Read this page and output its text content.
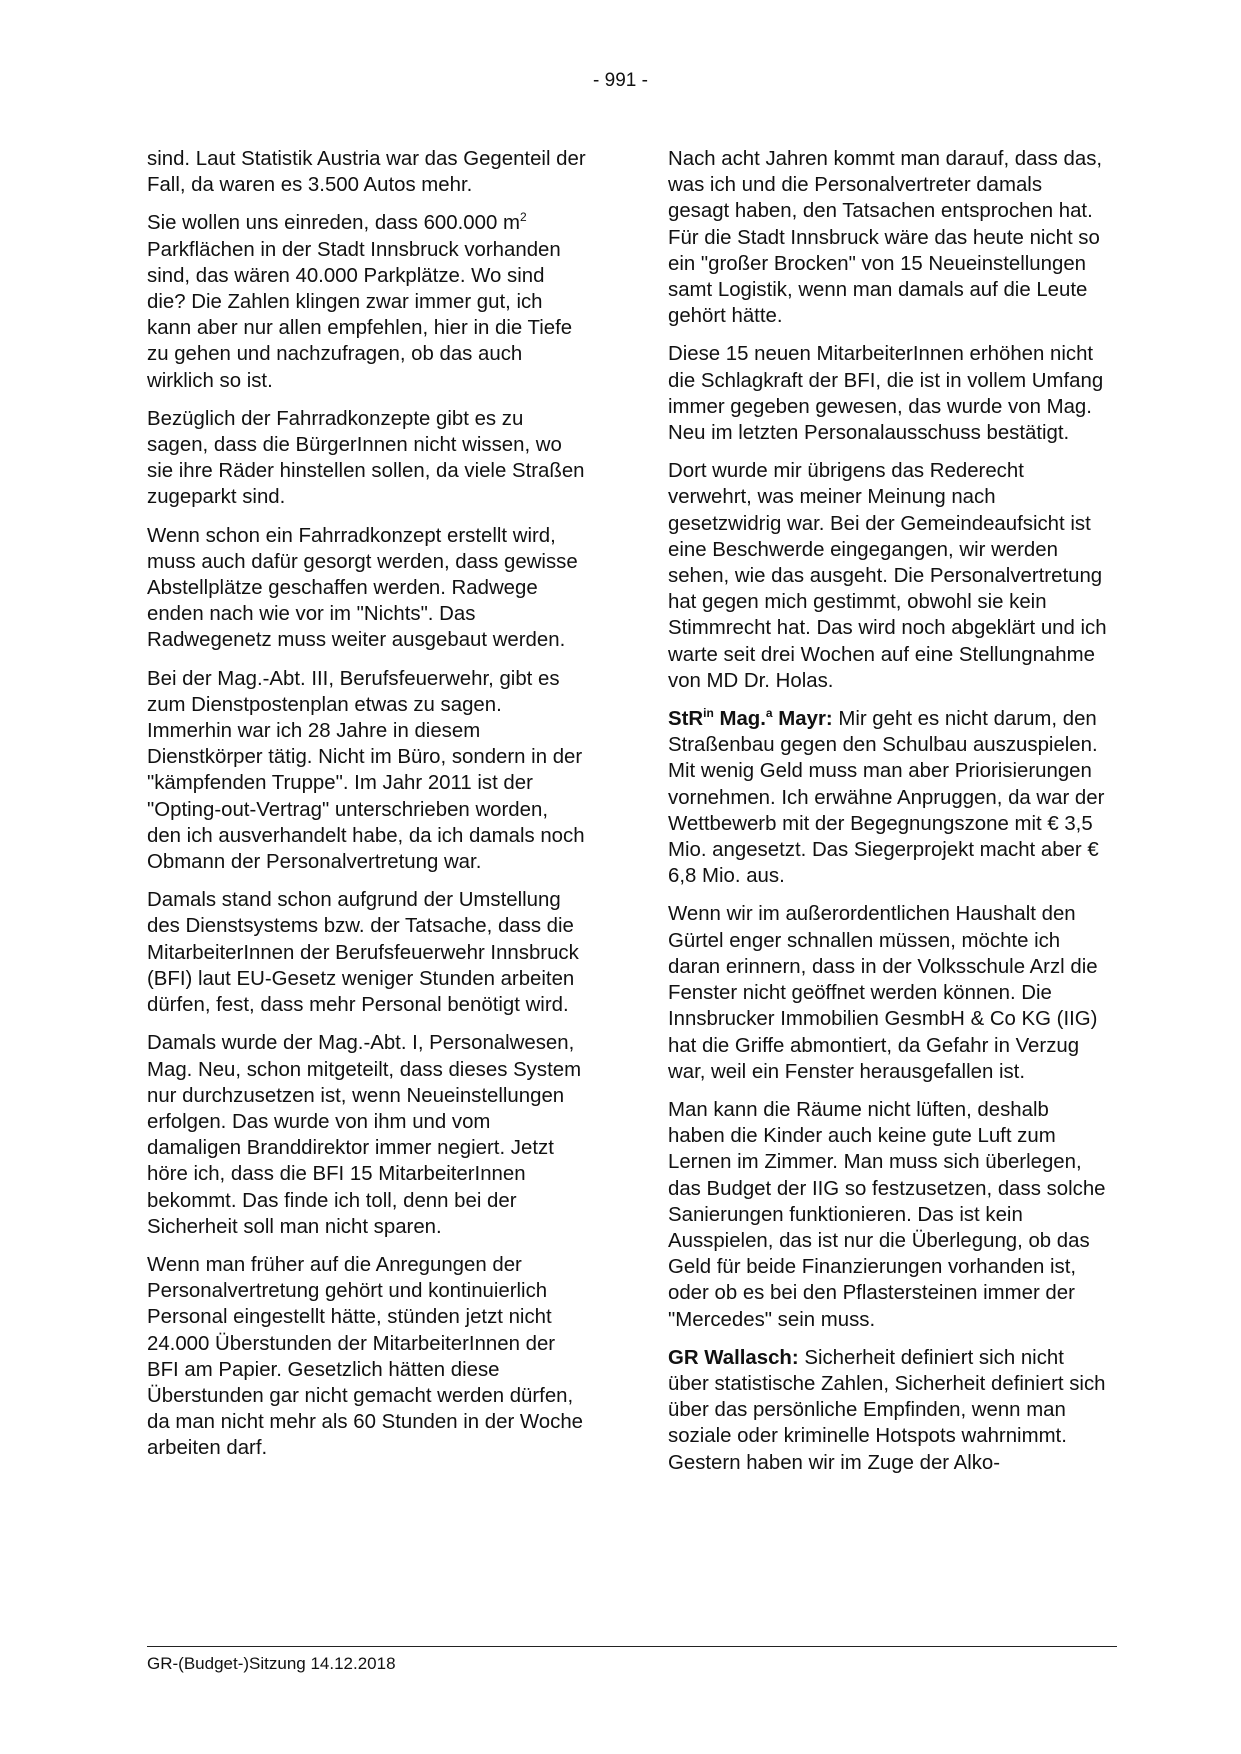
- 991 -

sind. Laut Statistik Austria war das Gegenteil der Fall, da waren es 3.500 Autos mehr.

Sie wollen uns einreden, dass 600.000 $m^2$ Parkflächen in der Stadt Innsbruck vorhanden sind, das wären 40.000 Parkplätze. Wo sind die? Die Zahlen klingen zwar immer gut, ich kann aber nur allen empfehlen, hier in die Tiefe zu gehen und nachzufragen, ob das auch wirklich so ist.

Bezüglich der Fahrradkonzepte gibt es zu sagen, dass die BürgerInnen nicht wissen, wo sie ihre Räder hinstellen sollen, da viele Straßen zugeparkt sind.

Wenn schon ein Fahrradkonzept erstellt wird, muss auch dafür gesorgt werden, dass gewisse Abstellplätze geschaffen werden. Radwege enden nach wie vor im "Nichts". Das Radwegenetz muss weiter ausgebaut werden.

Bei der Mag.-Abt. III, Berufsfeuerwehr, gibt es zum Dienstpostenplan etwas zu sagen. Immerhin war ich 28 Jahre in diesem Dienstkörper tätig. Nicht im Büro, sondern in der "kämpfenden Truppe". Im Jahr 2011 ist der "Opting-out-Vertrag" unterschrieben worden, den ich ausverhandelt habe, da ich damals noch Obmann der Personalvertretung war.

Damals stand schon aufgrund der Umstellung des Dienstsystems bzw. der Tatsache, dass die MitarbeiterInnen der Berufsfeuerwehr Innsbruck (BFI) laut EU-Gesetz weniger Stunden arbeiten dürfen, fest, dass mehr Personal benötigt wird.

Damals wurde der Mag.-Abt. I, Personalwesen, Mag. Neu, schon mitgeteilt, dass dieses System nur durchzusetzen ist, wenn Neueinstellungen erfolgen. Das wurde von ihm und vom damaligen Branddirektor immer negiert. Jetzt höre ich, dass die BFI 15 MitarbeiterInnen bekommt. Das finde ich toll, denn bei der Sicherheit soll man nicht sparen.

Wenn man früher auf die Anregungen der Personalvertretung gehört und kontinuierlich Personal eingestellt hätte, stünden jetzt nicht 24.000 Überstunden der MitarbeiterInnen der BFI am Papier. Gesetzlich hätten diese Überstunden gar nicht gemacht werden dürfen, da man nicht mehr als 60 Stunden in der Woche arbeiten darf.

Nach acht Jahren kommt man darauf, dass das, was ich und die Personalvertreter damals gesagt haben, den Tatsachen entsprochen hat. Für die Stadt Innsbruck wäre das heute nicht so ein "großer Brocken" von 15 Neueinstellungen samt Logistik, wenn man damals auf die Leute gehört hätte.

Diese 15 neuen MitarbeiterInnen erhöhen nicht die Schlagkraft der BFI, die ist in vollem Umfang immer gegeben gewesen, das wurde von Mag. Neu im letzten Personalausschuss bestätigt.

Dort wurde mir übrigens das Rederecht verwehrt, was meiner Meinung nach gesetzwidrig war. Bei der Gemeindeaufsicht ist eine Beschwerde eingegangen, wir werden sehen, wie das ausgeht. Die Personalvertretung hat gegen mich gestimmt, obwohl sie kein Stimmrecht hat. Das wird noch abgeklärt und ich warte seit drei Wochen auf eine Stellungnahme von MD Dr. Holas.

StR$^{in}$ Mag.$^a$ Mayr: Mir geht es nicht darum, den Straßenbau gegen den Schulbau auszuspielen. Mit wenig Geld muss man aber Priorisierungen vornehmen. Ich erwähne Anpruggen, da war der Wettbewerb mit der Begegnungszone mit € 3,5 Mio. angesetzt. Das Siegerprojekt macht aber € 6,8 Mio. aus.

Wenn wir im außerordentlichen Haushalt den Gürtel enger schnallen müssen, möchte ich daran erinnern, dass in der Volksschule Arzl die Fenster nicht geöffnet werden können. Die Innsbrucker Immobilien GesmbH & Co KG (IIG) hat die Griffe abmontiert, da Gefahr in Verzug war, weil ein Fenster herausgefallen ist.

Man kann die Räume nicht lüften, deshalb haben die Kinder auch keine gute Luft zum Lernen im Zimmer. Man muss sich überlegen, das Budget der IIG so festzusetzen, dass solche Sanierungen funktionieren. Das ist kein Ausspielen, das ist nur die Überlegung, ob das Geld für beide Finanzierungen vorhanden ist, oder ob es bei den Pflastersteinen immer der "Mercedes" sein muss.

GR Wallasch: Sicherheit definiert sich nicht über statistische Zahlen, Sicherheit definiert sich über das persönliche Empfinden, wenn man soziale oder kriminelle Hotspots wahrnimmt. Gestern haben wir im Zuge der Alko-

GR-(Budget-)Sitzung 14.12.2018
